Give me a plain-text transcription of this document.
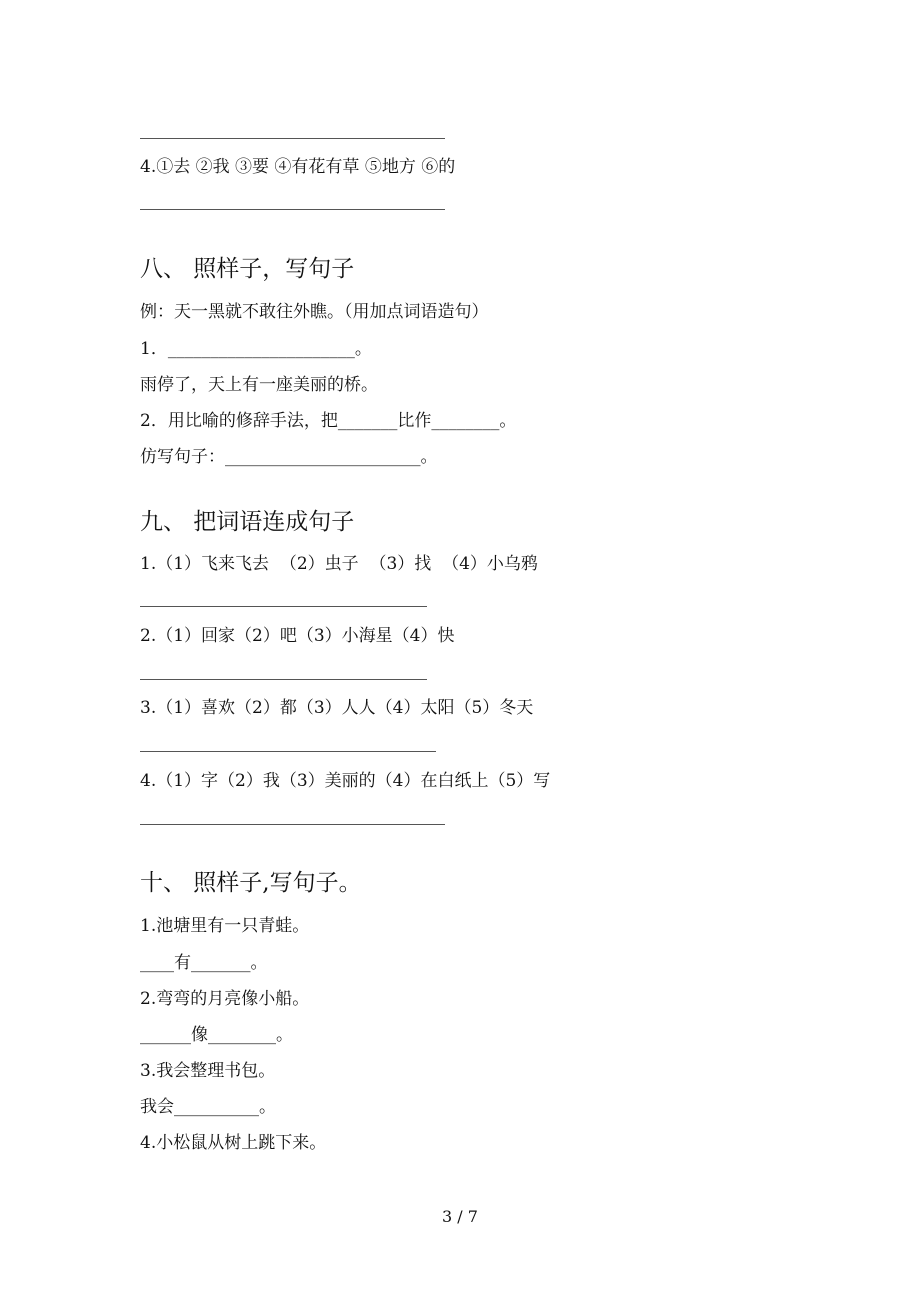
4.①去 ②我 ③要 ④有花有草 ⑤地方 ⑥的
八、 照样子，写句子
例：天一黑就不敢往外瞧。（用加点词语造句）
1．______________________。
雨停了，天上有一座美丽的桥。
2．用比喻的修辞手法，把_______比作________。
仿写句子：_______________________。
九、 把词语连成句子
1.（1）飞来飞去  （2）虫子  （3）找  （4）小乌鸦
2.（1）回家（2）吧（3）小海星（4）快
3.（1）喜欢（2）都（3）人人（4）太阳（5）冬天
4.（1）字（2）我（3）美丽的（4）在白纸上（5）写
十、 照样子,写句子。
1.池塘里有一只青蛙。
____有_______。
2.弯弯的月亮像小船。
______像________。
3.我会整理书包。
我会__________。
4.小松鼠从树上跳下来。
3 / 7
